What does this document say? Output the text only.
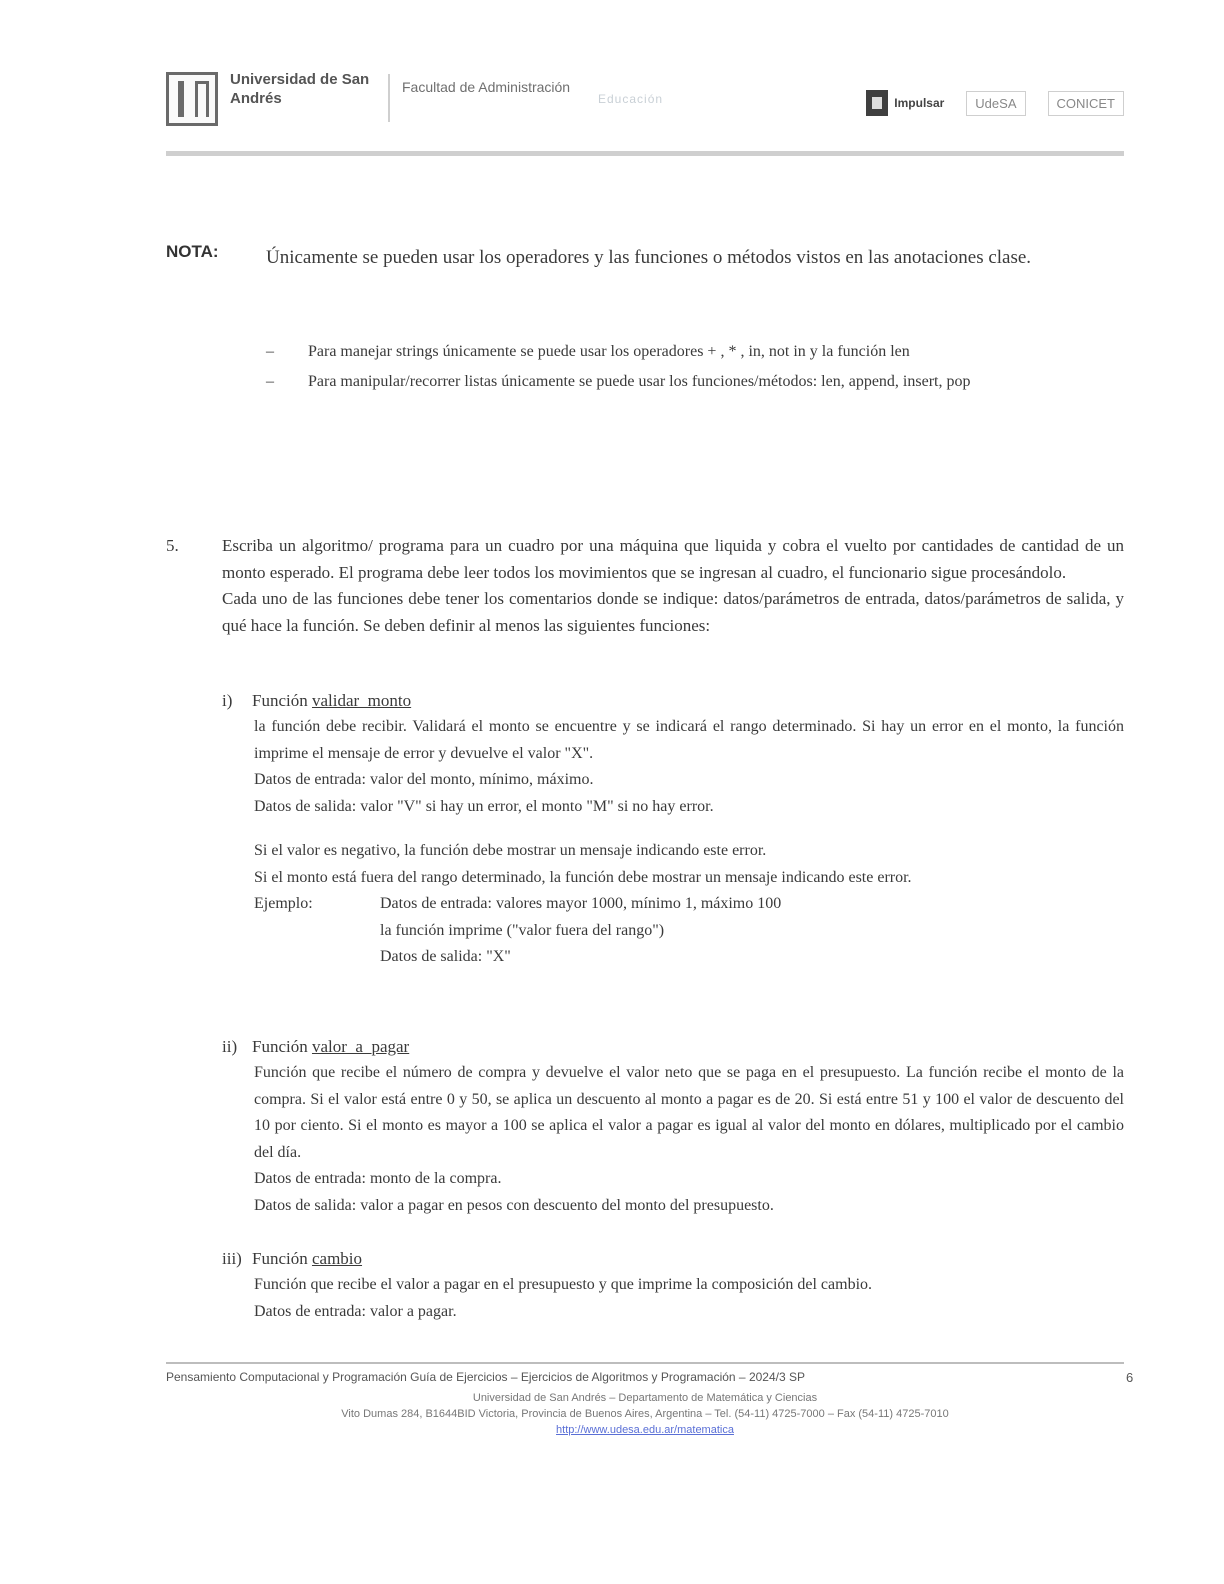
Universidad de San Andrés
Facultad de Administración
Educación	Impulsar	UdeSA	CONICET
NOTA: Únicamente se pueden usar los operadores y las funciones o métodos vistos en las anotaciones clase.
– Para manejar strings únicamente se puede usar los operadores + , * , in, not in y la función len
– Para manipular/recorrer listas únicamente se puede usar los funciones/métodos: len, append, insert, pop
5.	Escriba un algoritmo/ programa para un cuadro por una máquina que liquida y cobra el vuelto por cantidades de cantidad de un monto esperado. El programa debe leer todos los movimientos que se ingresan al cuadro, el funcionario sigue procesándolo.

Cada uno de las funciones debe tener los comentarios donde se indique: datos/parámetros de entrada, datos/parámetros de salida, y qué hace la función. Se deben definir al menos las siguientes funciones:

i) Función validar_monto

la función debe recibir. Validará el monto se encuentre y se indicará el rango determinado. Si hay un error en el monto, la función imprime el mensaje de error y devuelve el valor "X".

Datos de entrada: valor del monto, mínimo, máximo.

Datos de salida: valor "V" si hay un error, el monto "M" si no hay error.

Si el valor es negativo, la función debe mostrar un mensaje indicando este error.

Si el monto está fuera del rango determinado, la función debe mostrar un mensaje indicando este error.

Ejemplo:	Datos de entrada: valores mayor 1000, mínimo 1, máximo 100
la función imprime ("valor fuera del rango")
Datos de salida: "X"
ii) Función valor_a_pagar

Función que recibe el número de compra y devuelve el valor neto que se paga en el presupuesto. La función recibe el monto de la compra. Si el valor está entre 0 y 50, se aplica un descuento al monto a pagar es de 20. Si está entre 51 y 100 el valor de descuento del 10 por ciento. Si el monto es mayor a 100 se aplica el valor a pagar es igual al valor del monto en dólares, multiplicado por el cambio del día.

Datos de entrada: monto de la compra.

Datos de salida: valor a pagar en pesos con descuento del monto del presupuesto.

iii) Función cambio

Función que recibe el valor a pagar en el presupuesto y que imprime la composición del cambio.

Datos de entrada: valor a pagar.

Pensamiento Computacional y Programación Guía de Ejercicios – Ejercicios de Algoritmos y Programación – 2024/3 SP	6
Universidad de San Andrés – Departamento de Matemática y Ciencias
Vito Dumas 284, B1644BID Victoria, Provincia de Buenos Aires, Argentina – Tel. (54-11) 4725-7000 – Fax (54-11) 4725-7010
http://www.udesa.edu.ar/matematica
